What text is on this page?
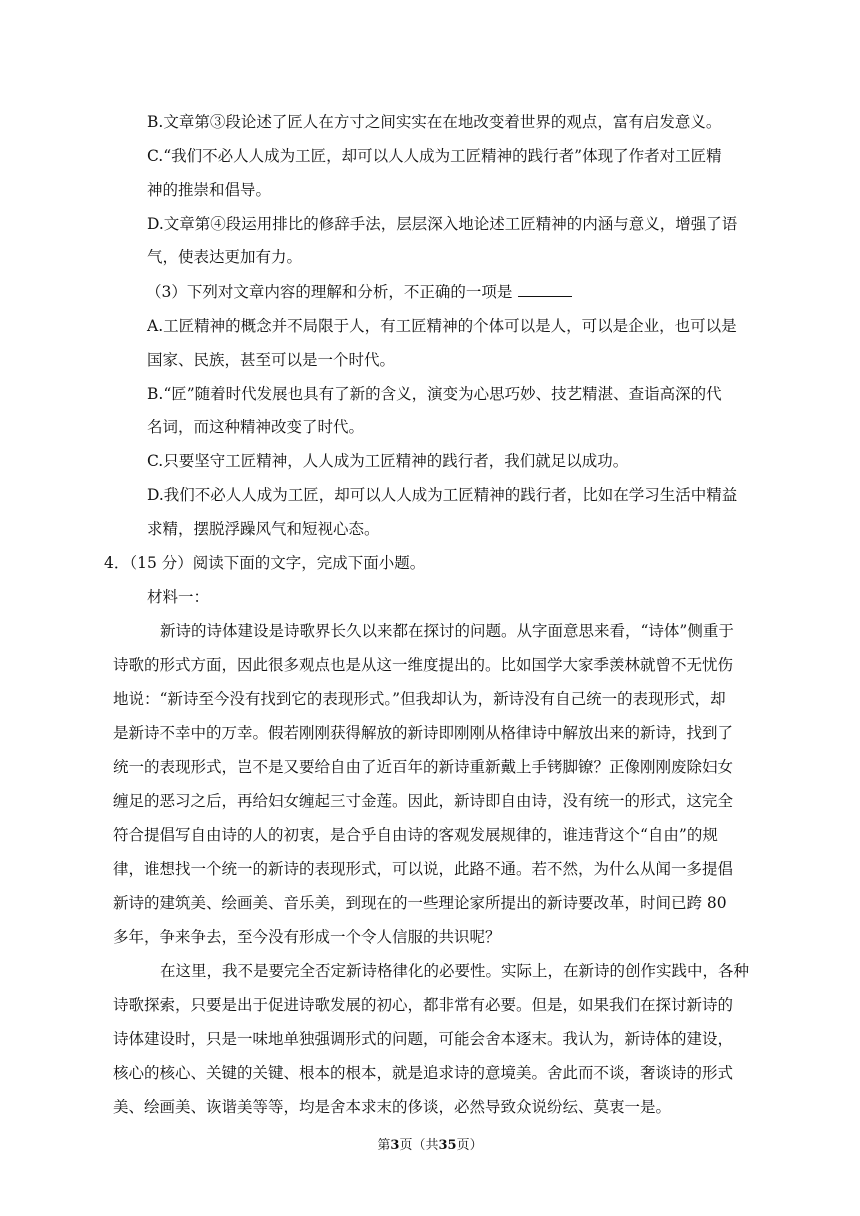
B.文章第③段论述了匠人在方寸之间实实在在地改变着世界的观点，富有启发意义。
C.“我们不必人人成为工匠，却可以人人成为工匠精神的践行者”体现了作者对工匠精
神的推崇和倡导。
D.文章第④段运用排比的修辞手法，层层深入地论述工匠精神的内涵与意义，增强了语
气，使表达更加有力。
（3）下列对文章内容的理解和分析，不正确的一项是
A.工匠精神的概念并不局限于人，有工匠精神的个体可以是人，可以是企业，也可以是
国家、民族，甚至可以是一个时代。
B.“匠”随着时代发展也具有了新的含义，演变为心思巧妙、技艺精湛、查诣高深的代
名词，而这种精神改变了时代。
C.只要坚守工匠精神，人人成为工匠精神的践行者，我们就足以成功。
D.我们不必人人成为工匠，却可以人人成为工匠精神的践行者，比如在学习生活中精益
求精，摆脱浮躁风气和短视心态。
4．（15 分）阅读下面的文字，完成下面小题。
材料一：
新诗的诗体建设是诗歌界长久以来都在探讨的问题。从字面意思来看，“诗体”侧重于
诗歌的形式方面，因此很多观点也是从这一维度提出的。比如国学大家季羡林就曾不无忧伤
地说：“新诗至今没有找到它的表现形式。”但我却认为，新诗没有自己统一的表现形式，却
是新诗不幸中的万幸。假若刚刚获得解放的新诗即刚刚从格律诗中解放出来的新诗，找到了
统一的表现形式，岂不是又要给自由了近百年的新诗重新戴上手铐脚镣？正像刚刚废除妇女
缠足的恶习之后，再给妇女缠起三寸金莲。因此，新诗即自由诗，没有统一的形式，这完全
符合提倡写自由诗的人的初衷，是合乎自由诗的客观发展规律的，谁违背这个“自由”的规
律，谁想找一个统一的新诗的表现形式，可以说，此路不通。若不然，为什么从闻一多提倡
新诗的建筑美、绘画美、音乐美，到现在的一些理论家所提出的新诗要改革，时间已跨 80
多年，争来争去，至今没有形成一个令人信服的共识呢？
在这里，我不是要完全否定新诗格律化的必要性。实际上，在新诗的创作实践中，各种
诗歌探索，只要是出于促进诗歌发展的初心，都非常有必要。但是，如果我们在探讨新诗的
诗体建设时，只是一味地单独强调形式的问题，可能会舍本逐末。我认为，新诗体的建设，
核心的核心、关键的关键、根本的根本，就是追求诗的意境美。舍此而不谈，奢谈诗的形式
美、绘画美、诙谐美等等，均是舍本求末的侈谈，必然导致众说纷纭、莫衷一是。
第3页（共35页）
